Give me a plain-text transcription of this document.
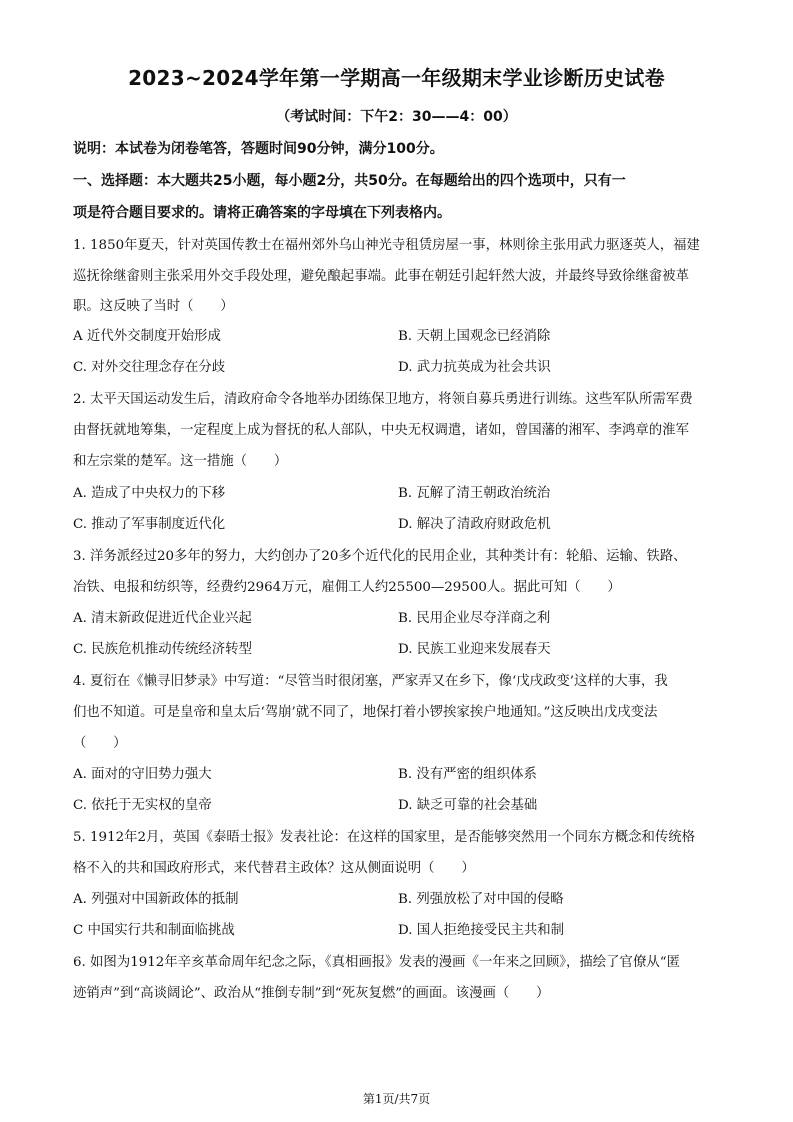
2023~2024学年第一学期高一年级期末学业诊断历史试卷
（考试时间：下午2：30——4：00）
说明：本试卷为闭卷笔答，答题时间90分钟，满分100分。
一、选择题：本大题共25小题，每小题2分，共50分。在每题给出的四个选项中，只有一
项是符合题目要求的。请将正确答案的字母填在下列表格内。
1. 1850年夏天，针对英国传教士在福州郊外乌山神光寺租赁房屋一事，林则徐主张用武力驱逐英人，福建
巡抚徐继畲则主张采用外交手段处理，避免酿起事端。此事在朝廷引起轩然大波，并最终导致徐继畲被革
职。这反映了当时（　　）
A 近代外交制度开始形成	B. 天朝上国观念已经消除
C. 对外交往理念存在分歧	D. 武力抗英成为社会共识
2. 太平天国运动发生后，清政府命令各地举办团练保卫地方，将领自募兵勇进行训练。这些军队所需军费
由督抚就地筹集，一定程度上成为督抚的私人部队，中央无权调遣，诸如，曾国藩的湘军、李鸿章的淮军
和左宗棠的楚军。这一措施（　　）
A. 造成了中央权力的下移	B. 瓦解了清王朝政治统治
C. 推动了军事制度近代化	D. 解决了清政府财政危机
3. 洋务派经过20多年的努力，大约创办了20多个近代化的民用企业，其种类计有：轮船、运输、铁路、
冶铁、电报和纺织等，经费约2964万元，雇佣工人约25500—29500人。据此可知（　　）
A. 清末新政促进近代企业兴起	B. 民用企业尽夺洋商之利
C. 民族危机推动传统经济转型	D. 民族工业迎来发展春天
4. 夏衍在《懒寻旧梦录》中写道：“尽管当时很闭塞，严家弄又在乡下，像‘戊戌政变’这样的大事，我
们也不知道。可是皇帝和皇太后‘驾崩’就不同了，地保打着小锣挨家挨户地通知。”这反映出戊戌变法
（　　）
A. 面对的守旧势力强大	B. 没有严密的组织体系
C. 依托于无实权的皇帝	D. 缺乏可靠的社会基础
5. 1912年2月，英国《泰晤士报》发表社论：在这样的国家里，是否能够突然用一个同东方概念和传统格
格不入的共和国政府形式，来代替君主政体？这从侧面说明（　　）
A. 列强对中国新政体的抵制	B. 列强放松了对中国的侵略
C 中国实行共和制面临挑战	D. 国人拒绝接受民主共和制
6. 如图为1912年辛亥革命周年纪念之际，《真相画报》发表的漫画《一年来之回顾》，描绘了官僚从“匿
迹销声”到“高谈阔论”、政治从“推倒专制”到“死灰复燃”的画面。该漫画（　　）
第1页/共7页
